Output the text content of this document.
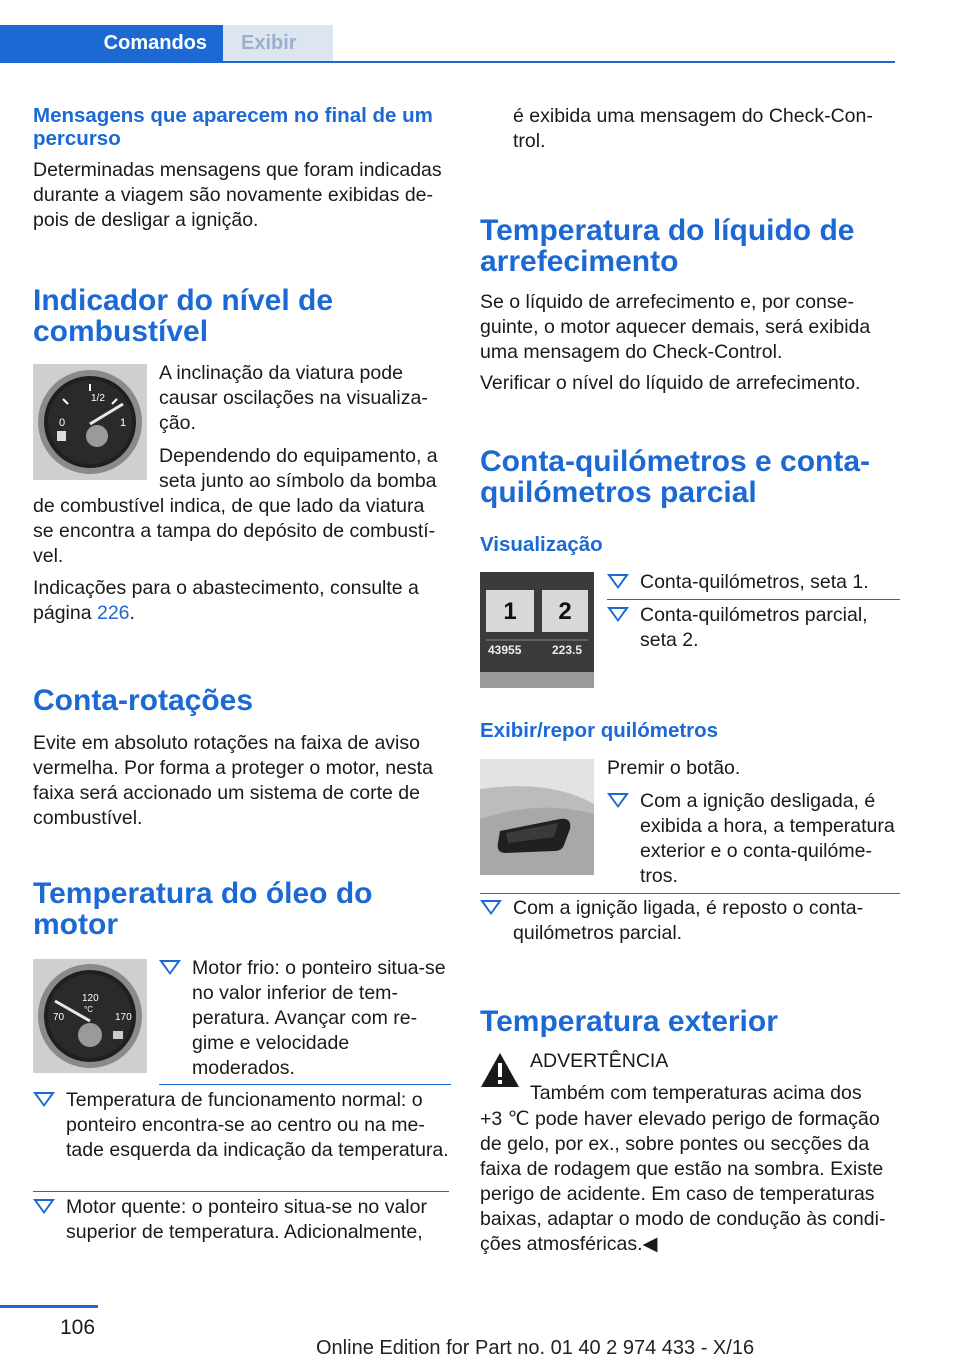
Comandos	Exibir
Mensagens que aparecem no final de um percurso
Determinadas mensagens que foram indicadas durante a viagem são novamente exibidas depois de desligar a ignição.
Indicador do nível de combustível
1/2
0	1
A inclinação da viatura pode causar oscilações na visualização.
Dependendo do equipamento, a seta junto ao símbolo da bomba
de combustível indica, de que lado da viatura se encontra a tampa do depósito de combustível.
Indicações para o abastecimento, consulte a página 226.
Conta-rotações
Evite em absoluto rotações na faixa de aviso vermelha. Por forma a proteger o motor, nesta faixa será accionado um sistema de corte de combustível.
Temperatura do óleo do motor
120
°C
70	170
Motor frio: o ponteiro situa-se no valor inferior de temperatura. Avançar com regime e velocidade moderados.
Temperatura de funcionamento normal: o ponteiro encontra-se ao centro ou na metade esquerda da indicação da temperatura.
Motor quente: o ponteiro situa-se no valor superior de temperatura. Adicionalmente,
é exibida uma mensagem do Check-Control.
Temperatura do líquido de arrefecimento
Se o líquido de arrefecimento e, por conseguinte, o motor aquecer demais, será exibida uma mensagem do Check-Control.
Verificar o nível do líquido de arrefecimento.
Conta-quilómetros e conta-quilómetros parcial
Visualização
1 2
43955	223.5
Conta-quilómetros, seta 1.
Conta-quilómetros parcial, seta 2.
Exibir/repor quilómetros
Premir o botão.
Com a ignição desligada, é exibida a hora, a temperatura exterior e o conta-quilómetros.
Com a ignição ligada, é reposto o conta-quilómetros parcial.
Temperatura exterior
ADVERTÊNCIA
Também com temperaturas acima dos
+3 ℃ pode haver elevado perigo de formação de gelo, por ex., sobre pontes ou secções da faixa de rodagem que estão na sombra. Existe perigo de acidente. Em caso de temperaturas baixas, adaptar o modo de condução às condições atmosféricas.◀
106
Online Edition for Part no. 01 40 2 974 433 - X/16
